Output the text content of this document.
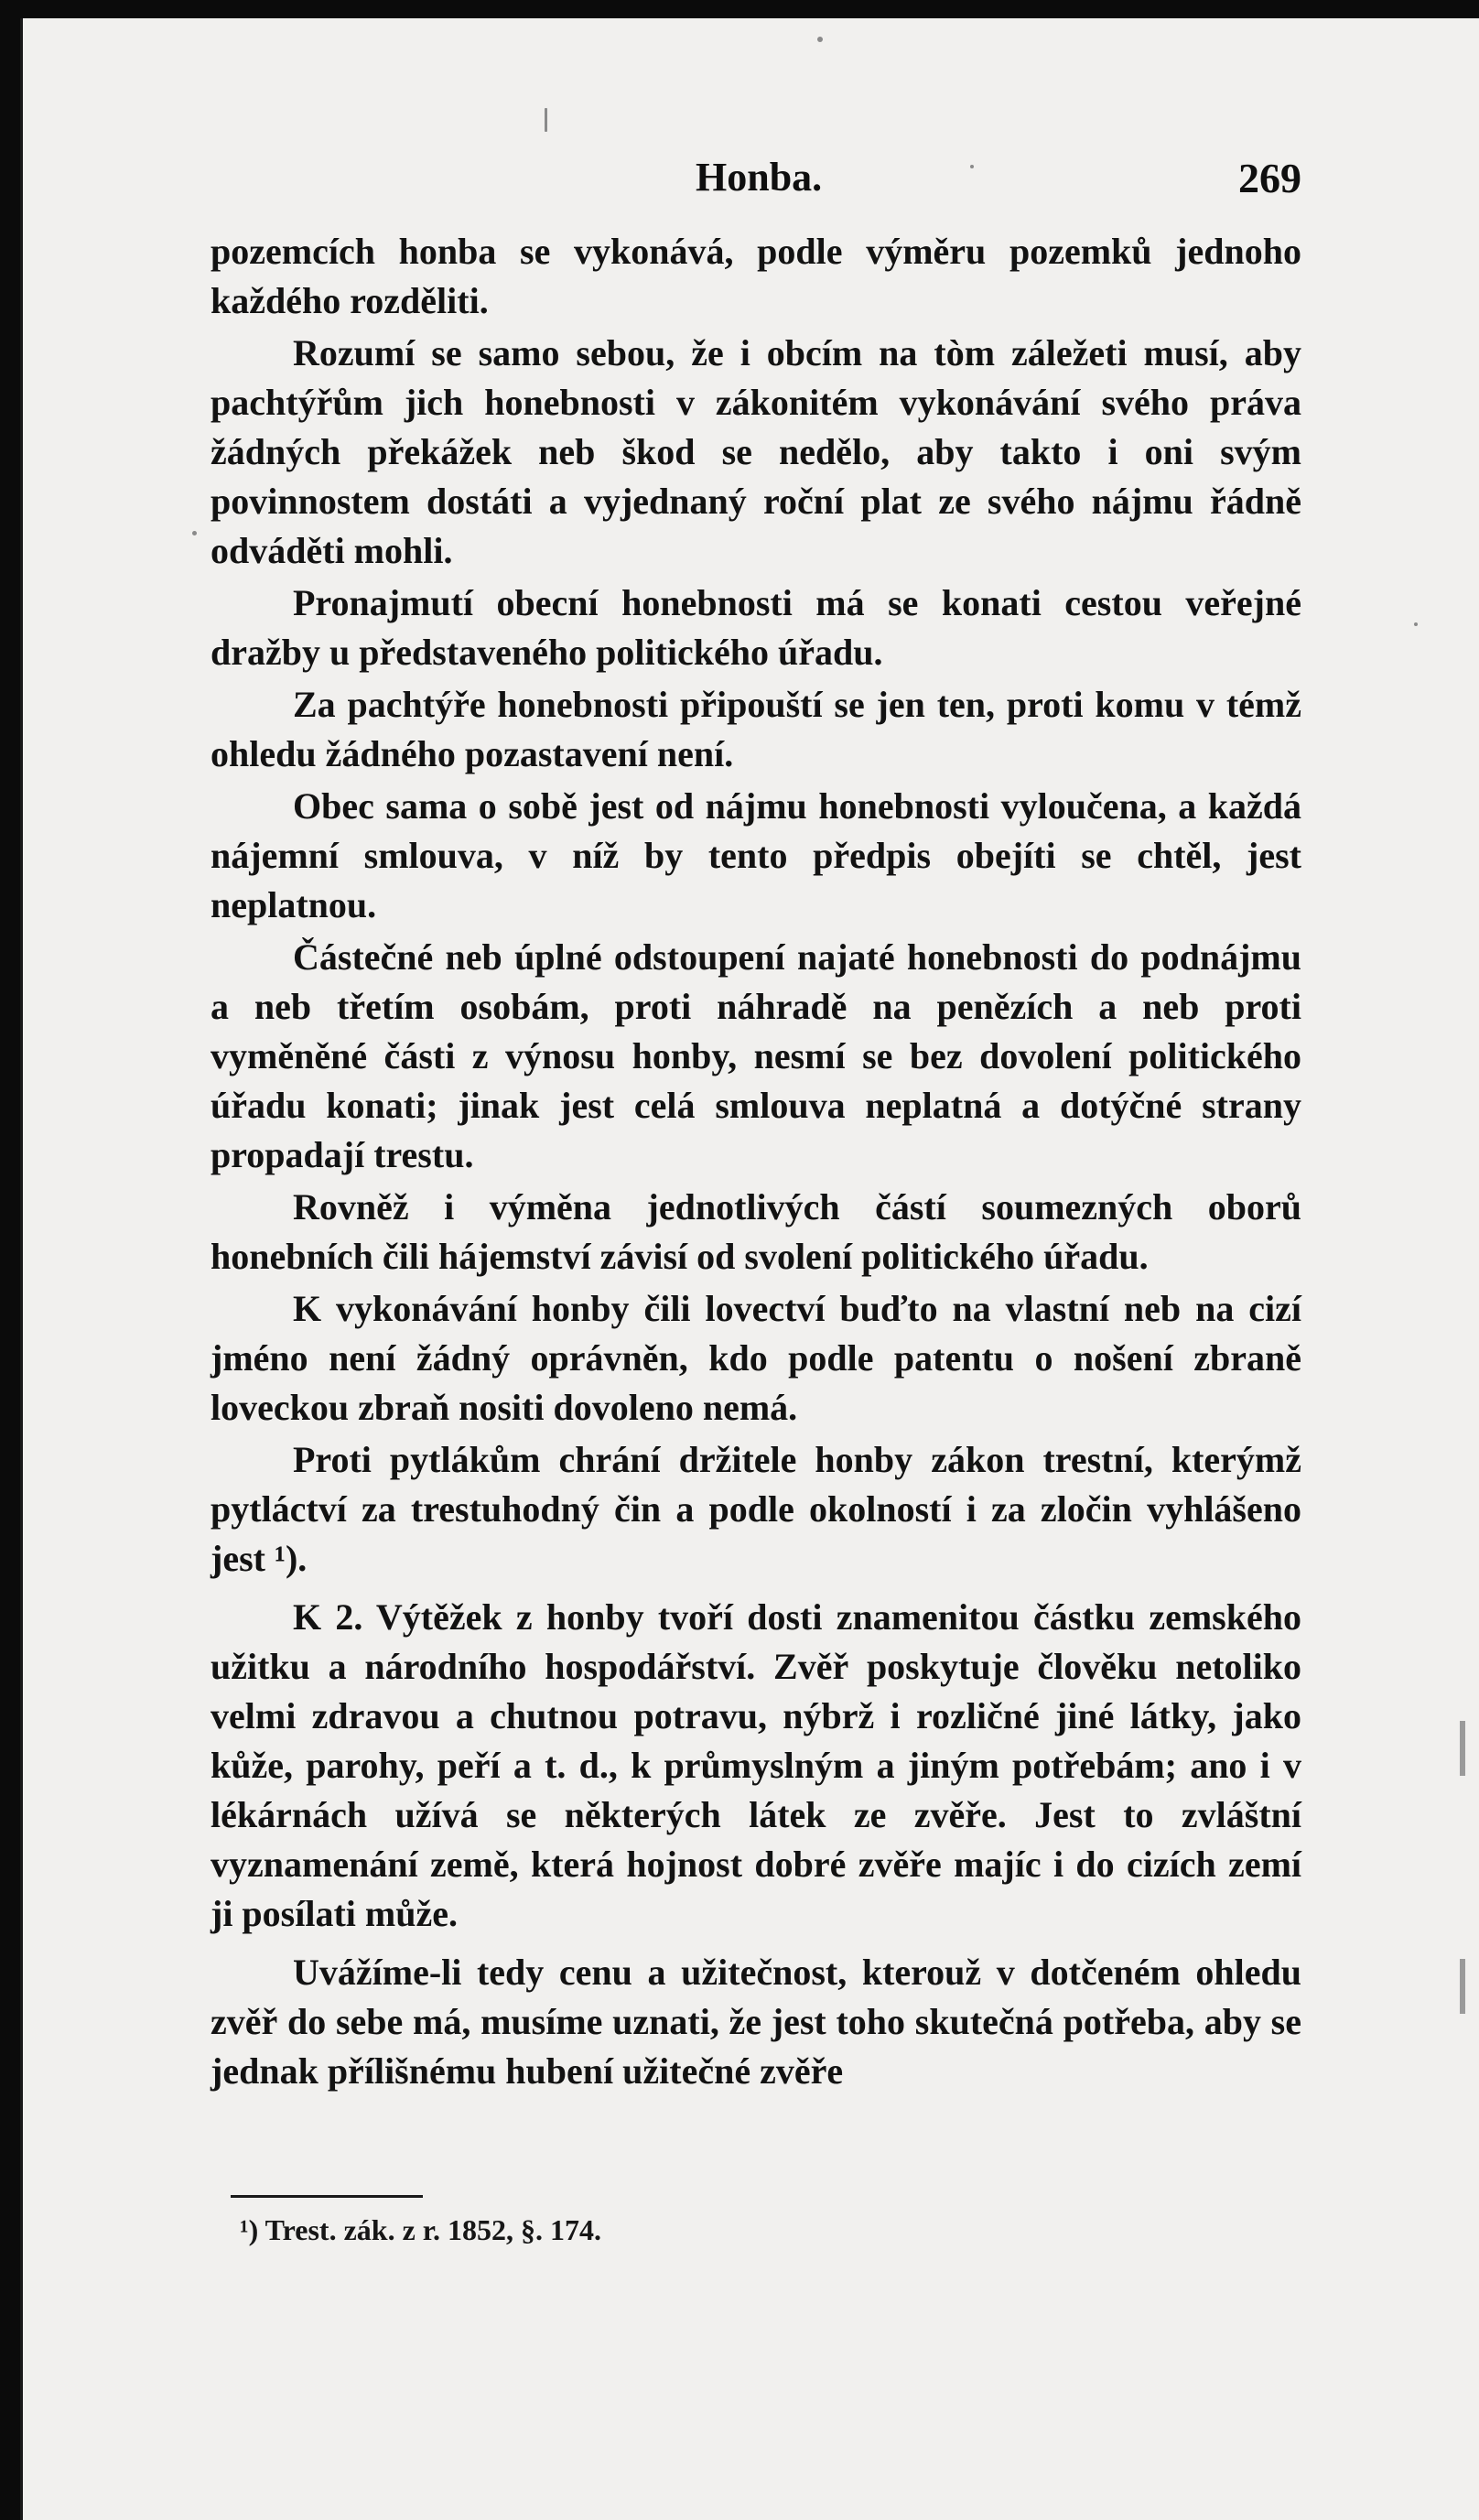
Honba.	269

pozemcích honba se vykonává, podle výměru pozemků jednoho každého rozděliti.

Rozumí se samo sebou, že i obcím na tòm záležeti musí, aby pachtýřům jich honebnosti v zákonitém vykonávání svého práva žádných překážek neb škod se nedělo, aby takto i oni svým povinnostem dostáti a vyjednaný roční plat ze svého nájmu řádně odváděti mohli.

Pronajmutí obecní honebnosti má se konati cestou veřejné dražby u představeného politického úřadu.

Za pachtýře honebnosti připouští se jen ten, proti komu v témž ohledu žádného pozastavení není.

Obec sama o sobě jest od nájmu honebnosti vyloučena, a každá nájemní smlouva, v níž by tento předpis obejíti se chtěl, jest neplatnou.

Částečné neb úplné odstoupení najaté honebnosti do podnájmu a neb třetím osobám, proti náhradě na penězích a neb proti vyměněné části z výnosu honby, nesmí se bez dovolení politického úřadu konati; jinak jest celá smlouva neplatná a dotýčné strany propadají trestu.

Rovněž i výměna jednotlivých částí soumezných oborů honebních čili hájemství závisí od svolení politického úřadu.

K vykonávání honby čili lovectví buďto na vlastní neb na cizí jméno není žádný oprávněn, kdo podle patentu o nošení zbraně loveckou zbraň nositi dovoleno nemá.

Proti pytlákům chrání držitele honby zákon trestní, kterýmž pytláctví za trestuhodný čin a podle okolností i za zločin vyhlášeno jest ¹).

K 2. Výtěžek z honby tvoří dosti znamenitou částku zemského užitku a národního hospodářství. Zvěř poskytuje člověku netoliko velmi zdravou a chutnou potravu, nýbrž i rozličné jiné látky, jako kůže, parohy, peří a t. d., k průmyslným a jiným potřebám; ano i v lékárnách užívá se některých látek ze zvěře. Jest to zvláštní vyznamenání země, která hojnost dobré zvěře majíc i do cizích zemí ji posílati může.

Uvážíme-li tedy cenu a užitečnost, kterouž v dotčeném ohledu zvěř do sebe má, musíme uznati, že jest toho skutečná potřeba, aby se jednak přílišnému hubení užitečné zvěře

¹) Trest. zák. z r. 1852, §. 174.
